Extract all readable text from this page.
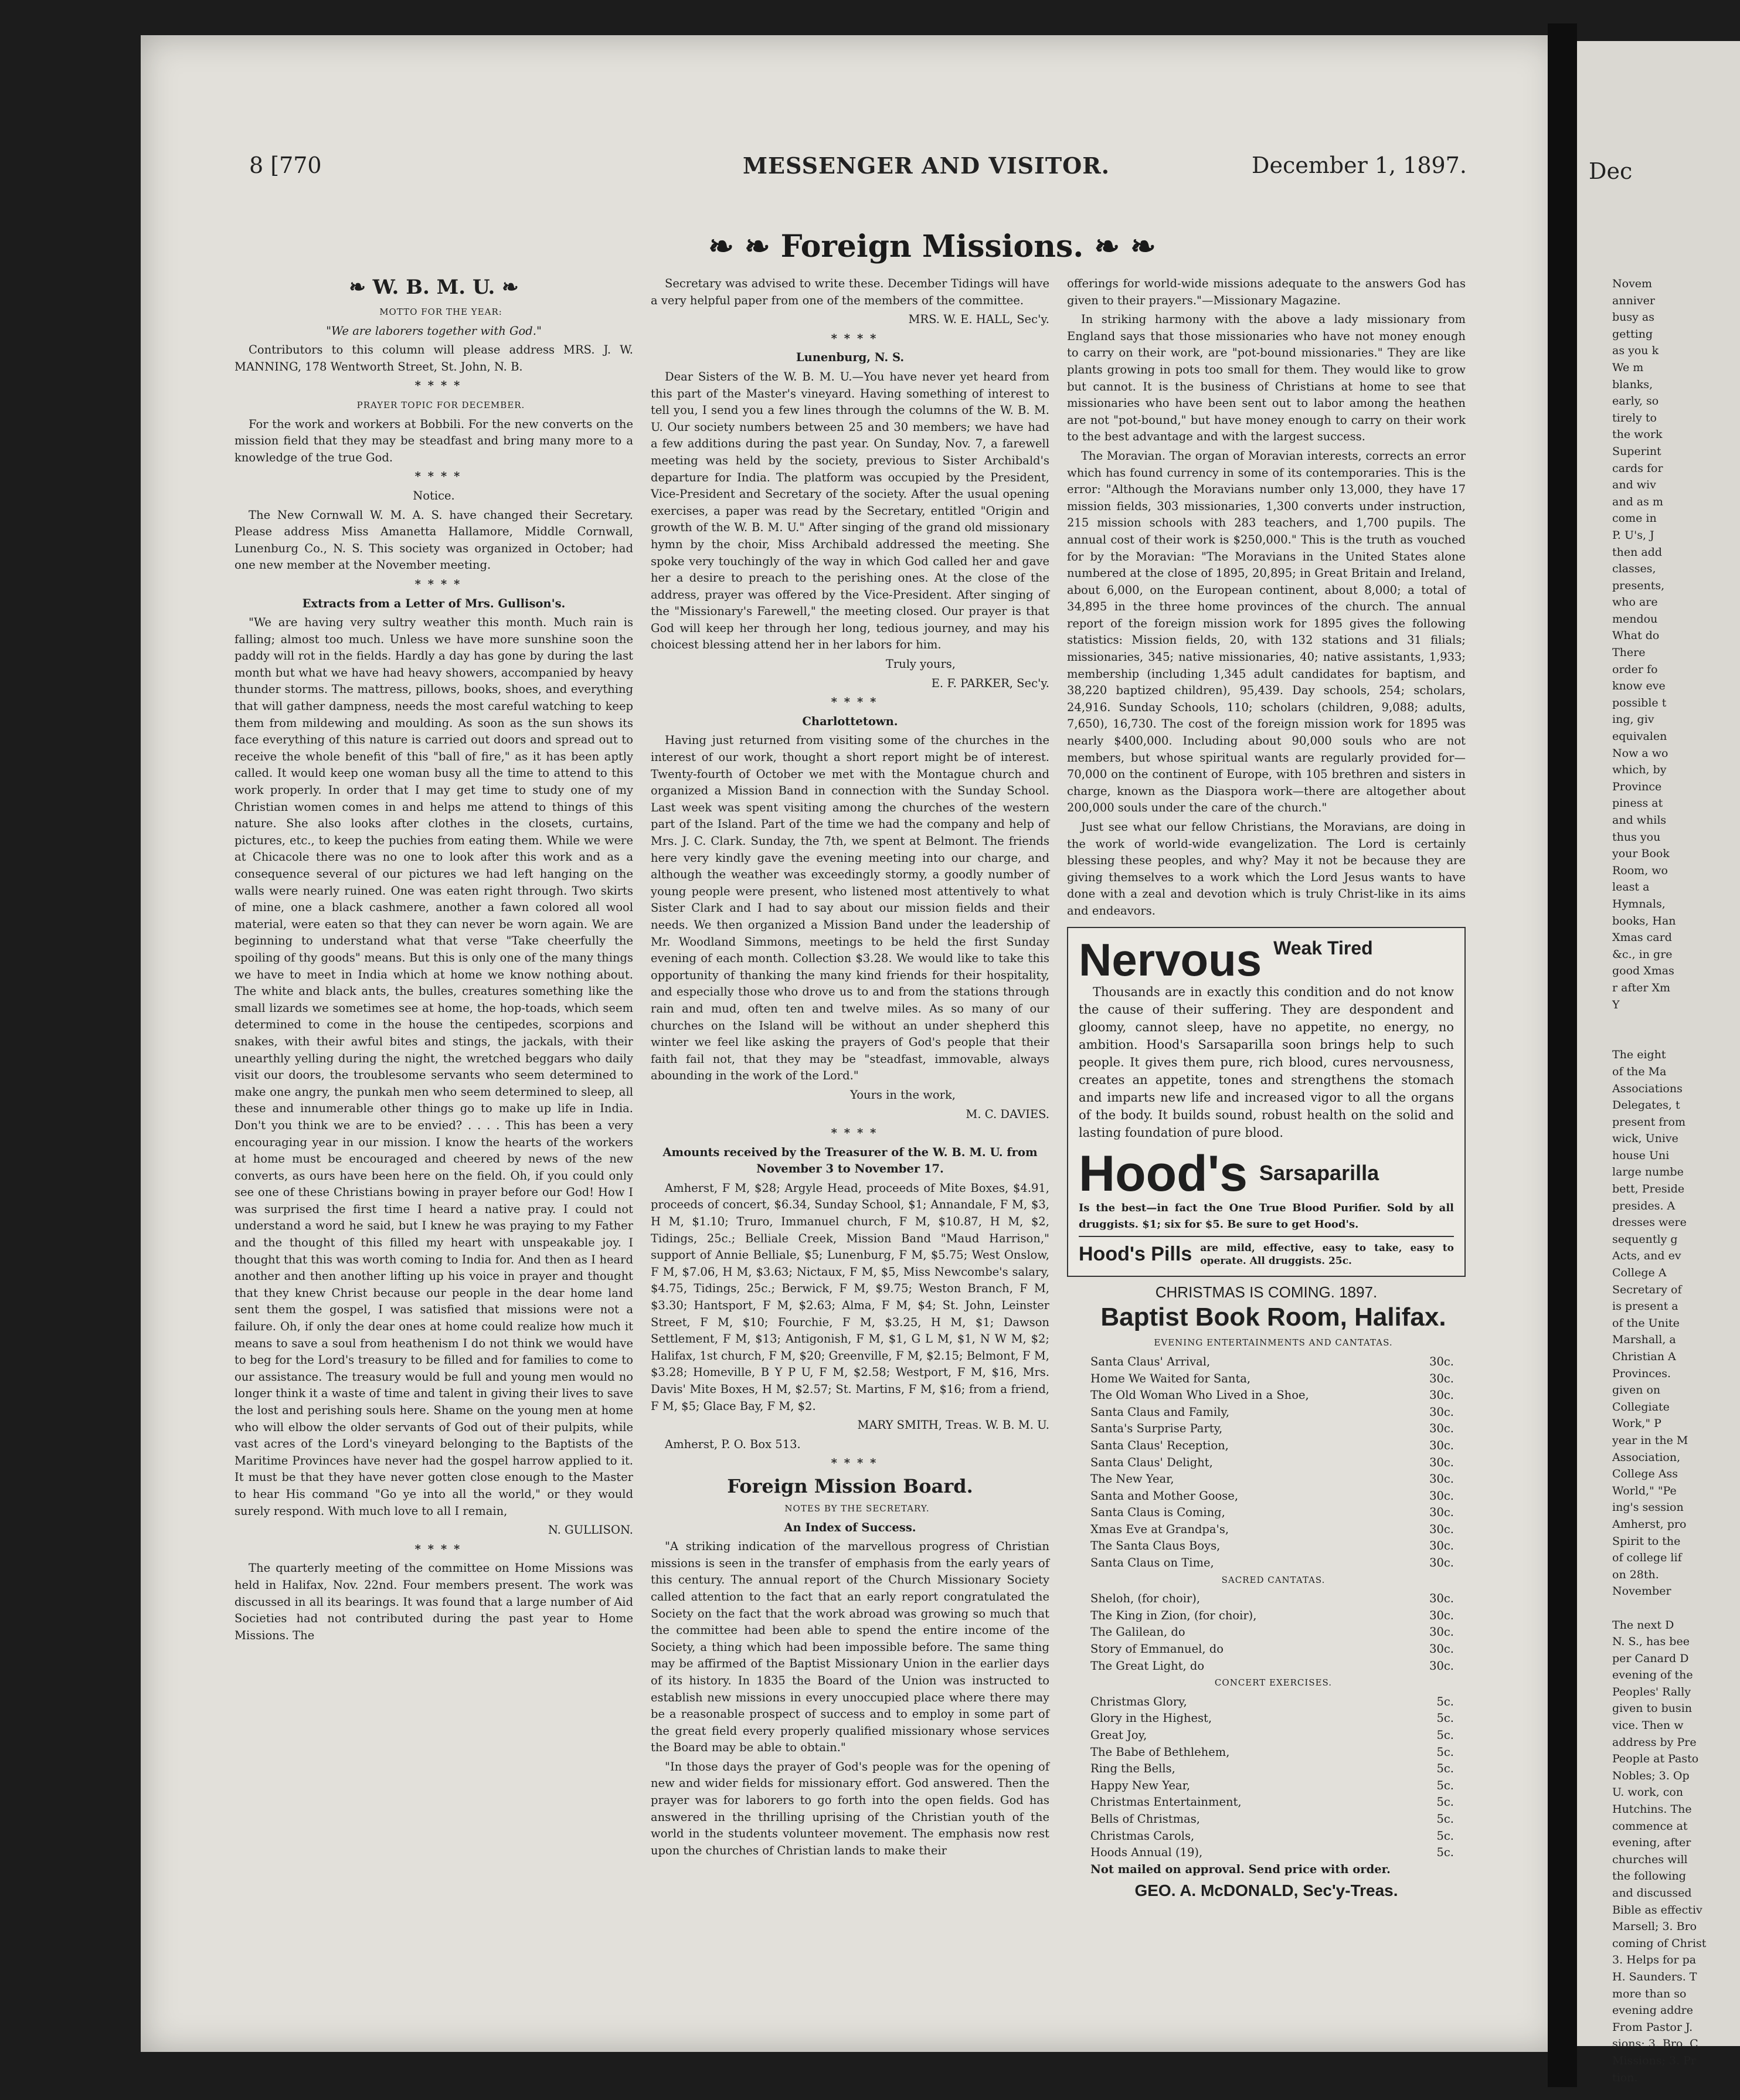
8 [770	MESSENGER AND VISITOR.	December 1, 1897.
❧ ❧ Foreign Missions. ❧ ❧

❧ W. B. M. U. ❧

MOTTO FOR THE YEAR:

"We are laborers together with God."

Contributors to this column will please address MRS. J. W. MANNING, 178 Wentworth Street, St. John, N. B.

****

PRAYER TOPIC FOR DECEMBER.

For the work and workers at Bobbili. For the new converts on the mission field that they may be steadfast and bring many more to a knowledge of the true God.

****

Notice.

The New Cornwall W. M. A. S. have changed their Secretary. Please address Miss Amanetta Hallamore, Middle Cornwall, Lunenburg Co., N. S. This society was organized in October; had one new member at the November meeting.

****

Extracts from a Letter of Mrs. Gullison's.

"We are having very sultry weather this month. Much rain is falling; almost too much. Unless we have more sunshine soon the paddy will rot in the fields. Hardly a day has gone by during the last month but what we have had heavy showers, accompanied by heavy thunder storms. The mattress, pillows, books, shoes, and everything that will gather dampness, needs the most careful watching to keep them from mildewing and moulding. As soon as the sun shows its face everything of this nature is carried out doors and spread out to receive the whole benefit of this "ball of fire," as it has been aptly called. It would keep one woman busy all the time to attend to this work properly. In order that I may get time to study one of my Christian women comes in and helps me attend to things of this nature. She also looks after clothes in the closets, curtains, pictures, etc., to keep the puchies from eating them. While we were at Chicacole there was no one to look after this work and as a consequence several of our pictures we had left hanging on the walls were nearly ruined. One was eaten right through. Two skirts of mine, one a black cashmere, another a fawn colored all wool material, were eaten so that they can never be worn again. We are beginning to understand what that verse "Take cheerfully the spoiling of thy goods" means. But this is only one of the many things we have to meet in India which at home we know nothing about. The white and black ants, the bulles, creatures something like the small lizards we sometimes see at home, the hop-toads, which seem determined to come in the house the centipedes, scorpions and snakes, with their awful bites and stings, the jackals, with their unearthly yelling during the night, the wretched beggars who daily visit our doors, the troublesome servants who seem determined to make one angry, the punkah men who seem determined to sleep, all these and innumerable other things go to make up life in India. Don't you think we are to be envied? . . . . This has been a very encouraging year in our mission. I know the hearts of the workers at home must be encouraged and cheered by news of the new converts, as ours have been here on the field. Oh, if you could only see one of these Christians bowing in prayer before our God! How I was surprised the first time I heard a native pray. I could not understand a word he said, but I knew he was praying to my Father and the thought of this filled my heart with unspeakable joy. I thought that this was worth coming to India for. And then as I heard another and then another lifting up his voice in prayer and thought that they knew Christ because our people in the dear home land sent them the gospel, I was satisfied that missions were not a failure. Oh, if only the dear ones at home could realize how much it means to save a soul from heathenism I do not think we would have to beg for the Lord's treasury to be filled and for families to come to our assistance. The treasury would be full and young men would no longer think it a waste of time and talent in giving their lives to save the lost and perishing souls here. Shame on the young men at home who will elbow the older servants of God out of their pulpits, while vast acres of the Lord's vineyard belonging to the Baptists of the Maritime Provinces have never had the gospel harrow applied to it. It must be that they have never gotten close enough to the Master to hear His command "Go ye into all the world," or they would surely respond. With much love to all I remain,

N. GULLISON.

****

The quarterly meeting of the committee on Home Missions was held in Halifax, Nov. 22nd. Four members present. The work was discussed in all its bearings. It was found that a large number of Aid Societies had not contributed during the past year to Home Missions. The

Secretary was advised to write these. December Tidings will have a very helpful paper from one of the members of the committee.

MRS. W. E. HALL, Sec'y.

****

Lunenburg, N. S.

Dear Sisters of the W. B. M. U.—You have never yet heard from this part of the Master's vineyard. Having something of interest to tell you, I send you a few lines through the columns of the W. B. M. U. Our society numbers between 25 and 30 members; we have had a few additions during the past year. On Sunday, Nov. 7, a farewell meeting was held by the society, previous to Sister Archibald's departure for India. The platform was occupied by the President, Vice-President and Secretary of the society. After the usual opening exercises, a paper was read by the Secretary, entitled "Origin and growth of the W. B. M. U." After singing of the grand old missionary hymn by the choir, Miss Archibald addressed the meeting. She spoke very touchingly of the way in which God called her and gave her a desire to preach to the perishing ones. At the close of the address, prayer was offered by the Vice-President. After singing of the "Missionary's Farewell," the meeting closed. Our prayer is that God will keep her through her long, tedious journey, and may his choicest blessing attend her in her labors for him.

Truly yours,

E. F. PARKER, Sec'y.

****

Charlottetown.

Having just returned from visiting some of the churches in the interest of our work, thought a short report might be of interest. Twenty-fourth of October we met with the Montague church and organized a Mission Band in connection with the Sunday School. Last week was spent visiting among the churches of the western part of the Island. Part of the time we had the company and help of Mrs. J. C. Clark. Sunday, the 7th, we spent at Belmont. The friends here very kindly gave the evening meeting into our charge, and although the weather was exceedingly stormy, a goodly number of young people were present, who listened most attentively to what Sister Clark and I had to say about our mission fields and their needs. We then organized a Mission Band under the leadership of Mr. Woodland Simmons, meetings to be held the first Sunday evening of each month. Collection $3.28. We would like to take this opportunity of thanking the many kind friends for their hospitality, and especially those who drove us to and from the stations through rain and mud, often ten and twelve miles. As so many of our churches on the Island will be without an under shepherd this winter we feel like asking the prayers of God's people that their faith fail not, that they may be "steadfast, immovable, always abounding in the work of the Lord."

Yours in the work,

M. C. DAVIES.

****

Amounts received by the Treasurer of the W. B. M. U. from November 3 to November 17.

Amherst, F M, $28; Argyle Head, proceeds of Mite Boxes, $4.91, proceeds of concert, $6.34, Sunday School, $1; Annandale, F M, $3, H M, $1.10; Truro, Immanuel church, F M, $10.87, H M, $2, Tidings, 25c.; Belliale Creek, Mission Band "Maud Harrison," support of Annie Belliale, $5; Lunenburg, F M, $5.75; West Onslow, F M, $7.06, H M, $3.63; Nictaux, F M, $5, Miss Newcombe's salary, $4.75, Tidings, 25c.; Berwick, F M, $9.75; Weston Branch, F M, $3.30; Hantsport, F M, $2.63; Alma, F M, $4; St. John, Leinster Street, F M, $10; Fourchie, F M, $3.25, H M, $1; Dawson Settlement, F M, $13; Antigonish, F M, $1, G L M, $1, N W M, $2; Halifax, 1st church, F M, $20; Greenville, F M, $2.15; Belmont, F M, $3.28; Homeville, B Y P U, F M, $2.58; Westport, F M, $16, Mrs. Davis' Mite Boxes, H M, $2.57; St. Martins, F M, $16; from a friend, F M, $5; Glace Bay, F M, $2.

MARY SMITH, Treas. W. B. M. U.

Amherst, P. O. Box 513.

****

Foreign Mission Board.

NOTES BY THE SECRETARY.

An Index of Success.

"A striking indication of the marvellous progress of Christian missions is seen in the transfer of emphasis from the early years of this century. The annual report of the Church Missionary Society called attention to the fact that an early report congratulated the Society on the fact that the work abroad was growing so much that the committee had been able to spend the entire income of the Society, a thing which had been impossible before. The same thing may be affirmed of the Baptist Missionary Union in the earlier days of its history. In 1835 the Board of the Union was instructed to establish new missions in every unoccupied place where there may be a reasonable prospect of success and to employ in some part of the great field every properly qualified missionary whose services the Board may be able to obtain."

"In those days the prayer of God's people was for the opening of new and wider fields for missionary effort. God answered. Then the prayer was for laborers to go forth into the open fields. God has answered in the thrilling uprising of the Christian youth of the world in the students volunteer movement. The emphasis now rest upon the churches of Christian lands to make their

offerings for world-wide missions adequate to the answers God has given to their prayers."—Missionary Magazine.

In striking harmony with the above a lady missionary from England says that those missionaries who have not money enough to carry on their work, are "pot-bound missionaries." They are like plants growing in pots too small for them. They would like to grow but cannot. It is the business of Christians at home to see that missionaries who have been sent out to labor among the heathen are not "pot-bound," but have money enough to carry on their work to the best advantage and with the largest success.

The Moravian. The organ of Moravian interests, corrects an error which has found currency in some of its contemporaries. This is the error: "Although the Moravians number only 13,000, they have 17 mission fields, 303 missionaries, 1,300 converts under instruction, 215 mission schools with 283 teachers, and 1,700 pupils. The annual cost of their work is $250,000." This is the truth as vouched for by the Moravian: "The Moravians in the United States alone numbered at the close of 1895, 20,895; in Great Britain and Ireland, about 6,000, on the European continent, about 8,000; a total of 34,895 in the three home provinces of the church. The annual report of the foreign mission work for 1895 gives the following statistics: Mission fields, 20, with 132 stations and 31 filials; missionaries, 345; native missionaries, 40; native assistants, 1,933; membership (including 1,345 adult candidates for baptism, and 38,220 baptized children), 95,439. Day schools, 254; scholars, 24,916. Sunday Schools, 110; scholars (children, 9,088; adults, 7,650), 16,730. The cost of the foreign mission work for 1895 was nearly $400,000. Including about 90,000 souls who are not members, but whose spiritual wants are regularly provided for—70,000 on the continent of Europe, with 105 brethren and sisters in charge, known as the Diaspora work—there are altogether about 200,000 souls under the care of the church."

Just see what our fellow Christians, the Moravians, are doing in the work of world-wide evangelization. The Lord is certainly blessing these peoples, and why? May it not be because they are giving themselves to a work which the Lord Jesus wants to have done with a zeal and devotion which is truly Christ-like in its aims and endeavors.

Nervous Weak Tired

Thousands are in exactly this condition and do not know the cause of their suffering. They are despondent and gloomy, cannot sleep, have no appetite, no energy, no ambition. Hood's Sarsaparilla soon brings help to such people. It gives them pure, rich blood, cures nervousness, creates an appetite, tones and strengthens the stomach and imparts new life and increased vigor to all the organs of the body. It builds sound, robust health on the solid and lasting foundation of pure blood.

Hood's Sarsaparilla

Is the best—in fact the One True Blood Purifier. Sold by all druggists. $1; six for $5. Be sure to get Hood's.

Hood's Pills are mild, effective, easy to take, easy to operate. All druggists. 25c.

CHRISTMAS IS COMING. 1897.

Baptist Book Room, Halifax.

EVENING ENTERTAINMENTS AND CANTATAS.

Santa Claus' Arrival,	30c.
Home We Waited for Santa,	30c.
The Old Woman Who Lived in a Shoe,	30c.
Santa Claus and Family,	30c.
Santa's Surprise Party,	30c.
Santa Claus' Reception,	30c.
Santa Claus' Delight,	30c.
The New Year,	30c.
Santa and Mother Goose,	30c.
Santa Claus is Coming,	30c.
Xmas Eve at Grandpa's,	30c.
The Santa Claus Boys,	30c.
Santa Claus on Time,	30c.

SACRED CANTATAS.

Sheloh, (for choir),	30c.
The King in Zion, (for choir),	30c.
The Galilean, do	30c.
Story of Emmanuel, do	30c.
The Great Light, do	30c.

CONCERT EXERCISES.

Christmas Glory,	5c.
Glory in the Highest,	5c.
Great Joy,	5c.
The Babe of Bethlehem,	5c.
Ring the Bells,	5c.
Happy New Year,	5c.
Christmas Entertainment,	5c.
Bells of Christmas,	5c.
Christmas Carols,	5c.
Hoods Annual (19),	5c.

Not mailed on approval. Send price with order.

GEO. A. McDONALD, Sec'y-Treas.

Dec
Novem
anniver
busy as
getting
as you k
We m
blanks,
early, so
tirely to
the work
Superint
cards for
and wiv
and as m
come in
P. U's, J
then add
classes,
presents,
who are
mendou
What do
There
order fo
know eve
possible t
ing, giv
equivalen
Now a wo
which, by
Province
piness at
and whils
thus you
your Book
Room, wo
least a
Hymnals,
books, Han
Xmas card
&c., in gre
good Xmas
r after Xm
Y

The eight
of the Ma
Associations
Delegates, t
present from
wick, Unive
house Uni
large numbe
bett, Preside
presides. A
dresses were
sequently g
Acts, and ev
College A
Secretary of
is present a
of the Unite
Marshall, a
Christian A
Provinces.
given on
Collegiate
Work," P
year in the M
Association,
College Ass
World," "Pe
ing's session
Amherst, pro
Spirit to the
of college lif
on 28th.
November

The next D
N. S., has bee
per Canard D
evening of the
Peoples' Rally
given to busin
vice. Then w
address by Pre
People at Pasto
Nobles; 3. Op
U. work, con
Hutchins. The
commence at
evening, after
churches will
the following
and discussed
Bible as effectiv
Marsell; 3. Bro
coming of Christ
3. Helps for pa
H. Saunders. T
more than so
evening addre
From Pastor J.
sions; 3. Bro. C
Missions; 3. Pr
tion.
